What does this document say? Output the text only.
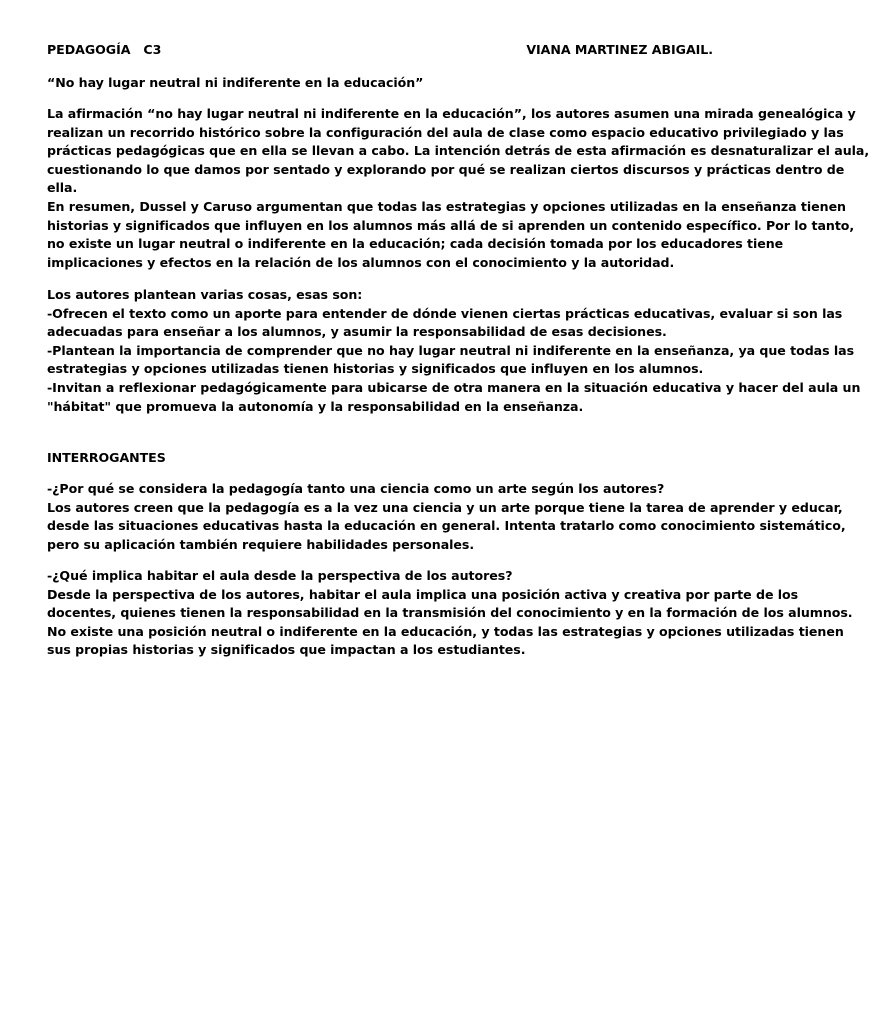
PEDAGOGÍA   C3	VIANA MARTINEZ ABIGAIL.
“No hay lugar neutral ni indiferente en la educación”
La afirmación “no hay lugar neutral ni indiferente en la educación”, los autores asumen una mirada genealógica y
realizan un recorrido histórico sobre la configuración del aula de clase como espacio educativo privilegiado y las
prácticas pedagógicas que en ella se llevan a cabo. La intención detrás de esta afirmación es desnaturalizar el aula,
cuestionando lo que damos por sentado y explorando por qué se realizan ciertos discursos y prácticas dentro de
ella.
En resumen, Dussel y Caruso argumentan que todas las estrategias y opciones utilizadas en la enseñanza tienen
historias y significados que influyen en los alumnos más allá de si aprenden un contenido específico. Por lo tanto,
no existe un lugar neutral o indiferente en la educación; cada decisión tomada por los educadores tiene
implicaciones y efectos en la relación de los alumnos con el conocimiento y la autoridad.
Los autores plantean varias cosas, esas son:
-Ofrecen el texto como un aporte para entender de dónde vienen ciertas prácticas educativas, evaluar si son las
adecuadas para enseñar a los alumnos, y asumir la responsabilidad de esas decisiones.
-Plantean la importancia de comprender que no hay lugar neutral ni indiferente en la enseñanza, ya que todas las
estrategias y opciones utilizadas tienen historias y significados que influyen en los alumnos.
-Invitan a reflexionar pedagógicamente para ubicarse de otra manera en la situación educativa y hacer del aula un
"hábitat" que promueva la autonomía y la responsabilidad en la enseñanza.
INTERROGANTES
-¿Por qué se considera la pedagogía tanto una ciencia como un arte según los autores?
Los autores creen que la pedagogía es a la vez una ciencia y un arte porque tiene la tarea de aprender y educar,
desde las situaciones educativas hasta la educación en general. Intenta tratarlo como conocimiento sistemático,
pero su aplicación también requiere habilidades personales.
-¿Qué implica habitar el aula desde la perspectiva de los autores?
Desde la perspectiva de los autores, habitar el aula implica una posición activa y creativa por parte de los
docentes, quienes tienen la responsabilidad en la transmisión del conocimiento y en la formación de los alumnos.
No existe una posición neutral o indiferente en la educación, y todas las estrategias y opciones utilizadas tienen
sus propias historias y significados que impactan a los estudiantes.
